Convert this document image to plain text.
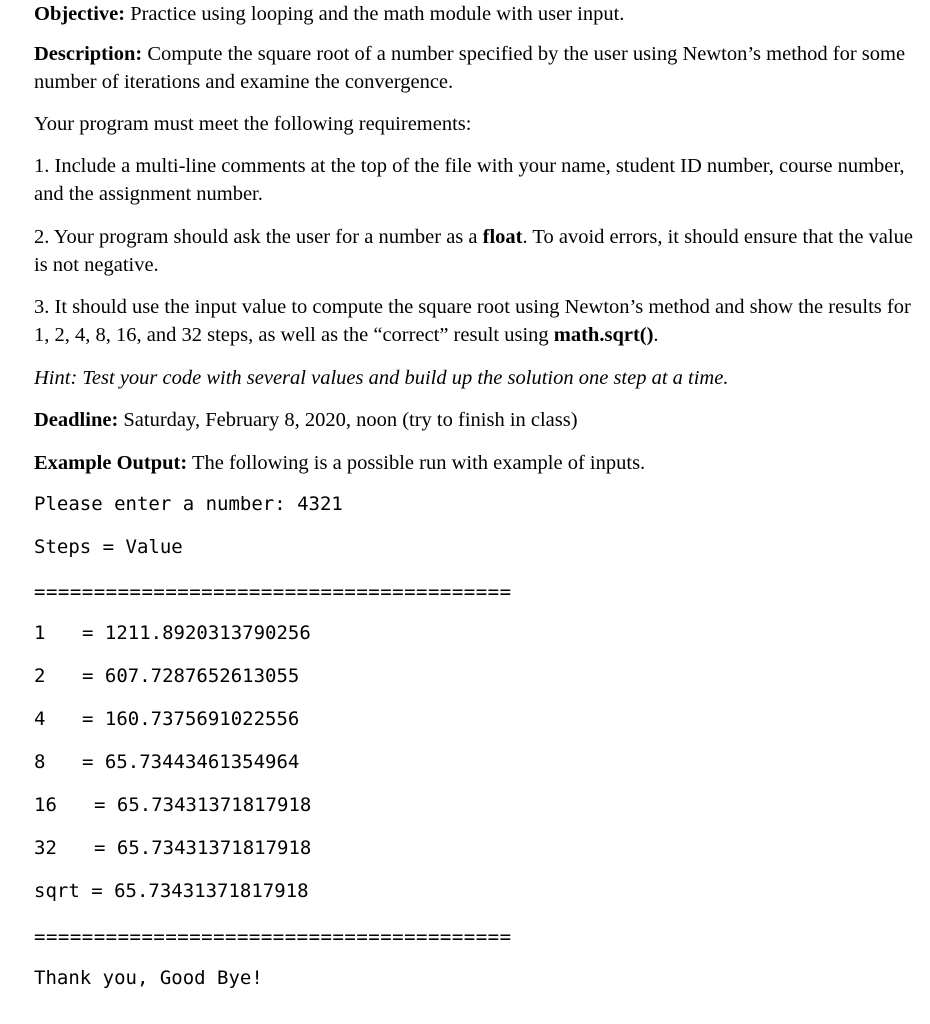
Objective: Practice using looping and the math module with user input.

Description: Compute the square root of a number specified by the user using Newton’s method for some number of iterations and examine the convergence.

Your program must meet the following requirements:

1. Include a multi-line comments at the top of the file with your name, student ID number, course number, and the assignment number.

2. Your program should ask the user for a number as a float. To avoid errors, it should ensure that the value is not negative.

3. It should use the input value to compute the square root using Newton’s method and show the results for 1, 2, 4, 8, 16, and 32 steps, as well as the “correct” result using math.sqrt().

Hint: Test your code with several values and build up the solution one step at a time.

Deadline: Saturday, February 8, 2020, noon (try to finish in class)

Example Output: The following is a possible run with example of inputs.

Please enter a number: 4321
Steps = Value
========================================
1 = 1211.8920313790256
2 = 607.7287652613055
4 = 160.7375691022556
8 = 65.73443461354964
16 = 65.73431371817918
32 = 65.73431371817918
sqrt = 65.73431371817918
========================================
Thank you, Good Bye!
